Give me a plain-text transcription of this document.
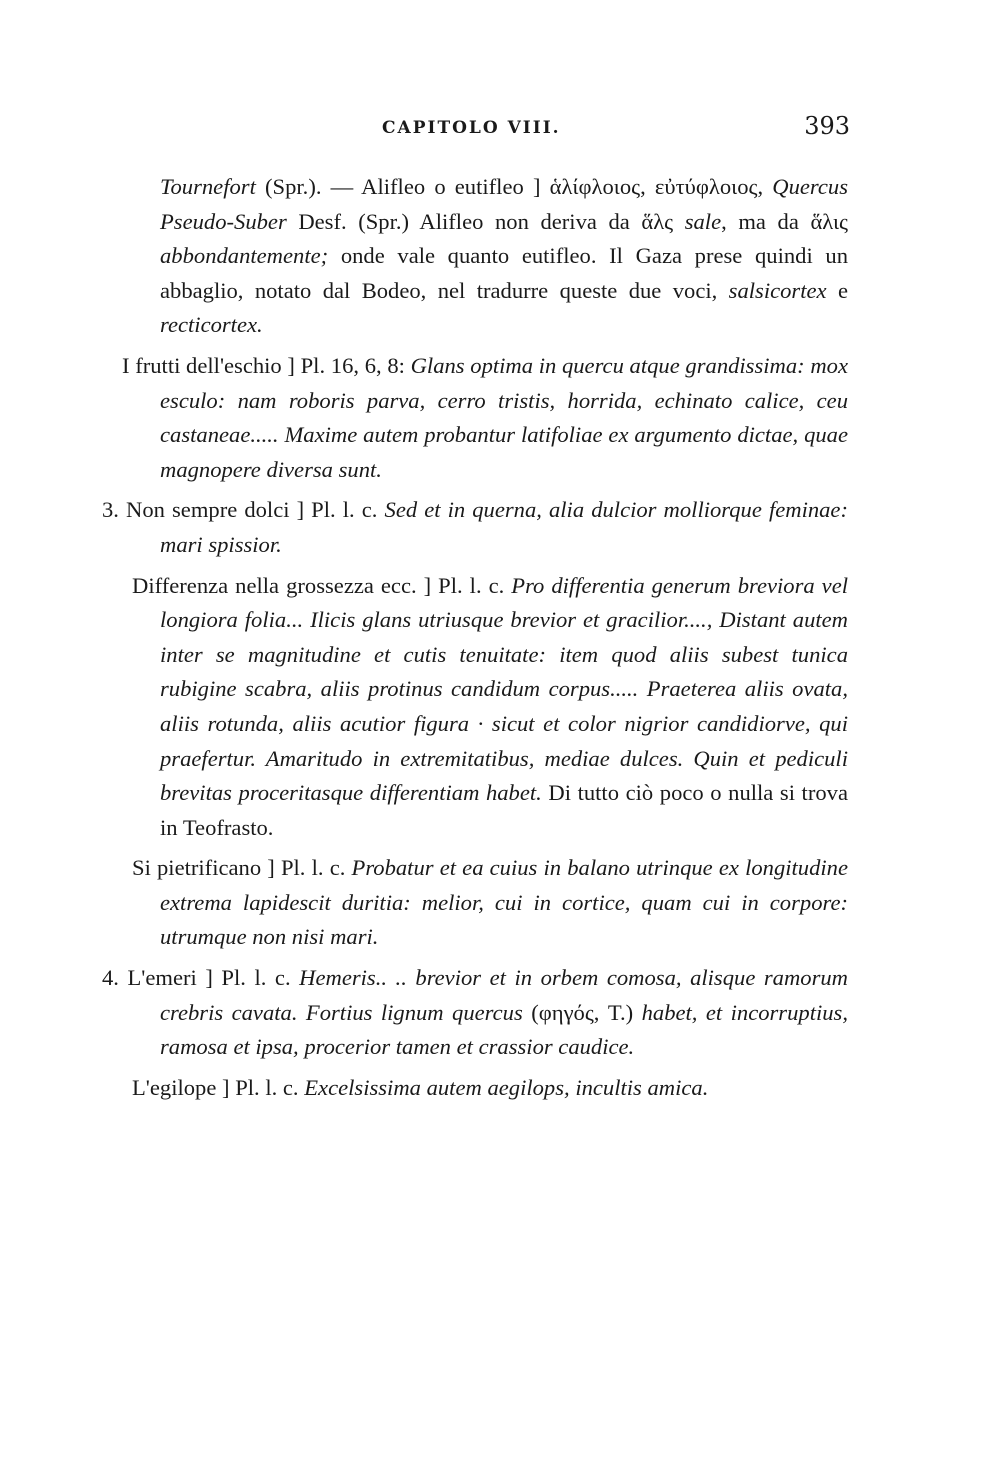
CAPITOLO VIII.	393

Tournefort (Spr.). — Alifleo o eutifleo ] ἁλίφλοιος, εὐτύφλοιος, Quercus Pseudo-Suber Desf. (Spr.) Alifleo non deriva da ἅλς sale, ma da ἅλις abbondantemente; onde vale quanto eutifleo. Il Gaza prese quindi un abbaglio, notato dal Bodeo, nel tradurre queste due voci, salsicortex e recticortex.

I frutti dell'eschio ] Pl. 16, 6, 8: Glans optima in quercu atque grandissima: mox esculo: nam roboris parva, cerro tristis, horrida, echinato calice, ceu castaneae..... Maxime autem probantur latifoliae ex argumento dictae, quae magnopere diversa sunt.

3. Non sempre dolci ] Pl. l. c. Sed et in querna, alia dulcior molliorque feminae: mari spissior.

Differenza nella grossezza ecc. ] Pl. l. c. Pro differentia generum breviora vel longiora folia... Ilicis glans utriusque brevior et gracilior...., Distant autem inter se magnitudine et cutis tenuitate: item quod aliis subest tunica rubigine scabra, aliis protinus candidum corpus..... Praeterea aliis ovata, aliis rotunda, aliis acutior figura · sicut et color nigrior candidiorve, qui praefertur. Amaritudo in extremitatibus, mediae dulces. Quin et pediculi brevitas proceritasque differentiam habet. Di tutto ciò poco o nulla si trova in Teofrasto.

Si pietrificano ] Pl. l. c. Probatur et ea cuius in balano utrinque ex longitudine extrema lapidescit duritia: melior, cui in cortice, quam cui in corpore: utrumque non nisi mari.

4. L'emeri ] Pl. l. c. Hemeris.. .. brevior et in orbem comosa, alisque ramorum crebris cavata. Fortius lignum quercus (φηγός, T.) habet, et incorruptius, ramosa et ipsa, procerior tamen et crassior caudice.

L'egilope ] Pl. l. c. Excelsissima autem aegilops, incultis amica.
